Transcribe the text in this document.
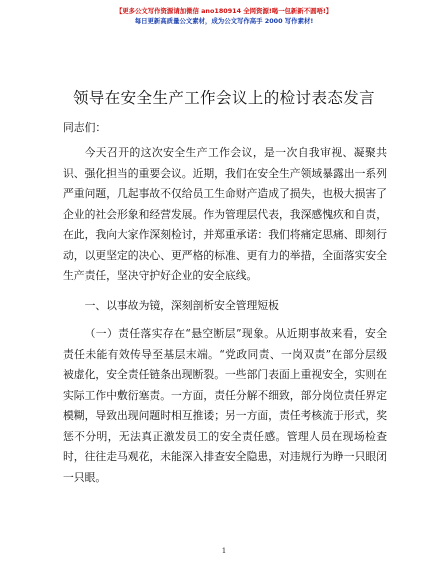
【更多公文写作资源请加微信 ano180914 全网资源!喝一包新新不圆唔!】
每日更新高质量公文素材，成为公文写作高手 2000 写作素材!
领导在安全生产工作会议上的检讨表态发言
同志们：

今天召开的这次安全生产工作会议，是一次自我审视、凝聚共识、强化担当的重要会议。近期，我们在安全生产领域暴露出一系列严重问题，几起事故不仅给员工生命财产造成了损失，也极大损害了企业的社会形象和经营发展。作为管理层代表，我深感愧疚和自责，在此，我向大家作深刻检讨，并郑重承诺：我们将痛定思痛、即刻行动，以更坚定的决心、更严格的标准、更有力的举措，全面落实安全生产责任，坚决守护好企业的安全底线。

一、以事故为镜，深刻剖析安全管理短板

（一）责任落实存在“悬空断层”现象。从近期事故来看，安全责任未能有效传导至基层末端。“党政同责、一岗双责”在部分层级被虚化，安全责任链条出现断裂。一些部门表面上重视安全，实则在实际工作中敷衍塞责。一方面，责任分解不细致，部分岗位责任界定模糊，导致出现问题时相互推诿；另一方面，责任考核流于形式，奖惩不分明，无法真正激发员工的安全责任感。管理人员在现场检查时，往往走马观花，未能深入排查安全隐患，对违规行为睁一只眼闭一只眼。

1
